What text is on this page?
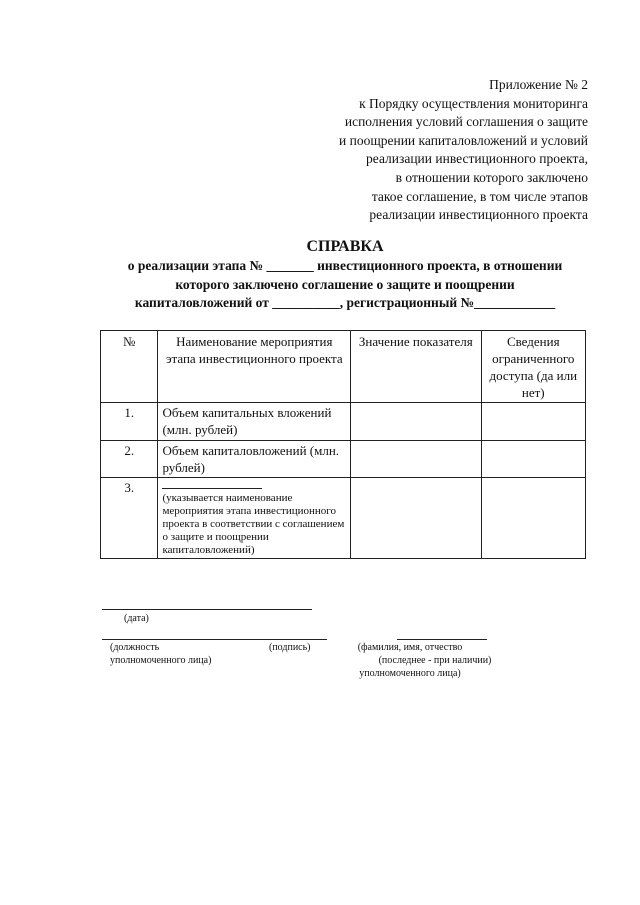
Приложение № 2
к Порядку осуществления мониторинга
исполнения условий соглашения о защите
и поощрении капиталовложений и условий
реализации инвестиционного проекта,
в отношении которого заключено
такое соглашение, в том числе этапов
реализации инвестиционного проекта
СПРАВКА
о реализации этапа № _______ инвестиционного проекта, в отношении
которого заключено соглашение о защите и поощрении
капиталовложений от __________, регистрационный №____________
№	Наименование мероприятия этапа инвестиционного проекта	Значение показателя	Сведения ограниченного доступа (да или нет)
1.	Объем капитальных вложений (млн. рублей)		
2.	Объем капиталовложений (млн. рублей)		
3.	(указывается наименование мероприятия этапа инвестиционного проекта в соответствии с соглашением о защите и поощрении капиталовложений)		

(дата)
(должность
уполномоченного лица)
(подпись)	(фамилия, имя, отчество
(последнее - при наличии)
уполномоченного лица)
